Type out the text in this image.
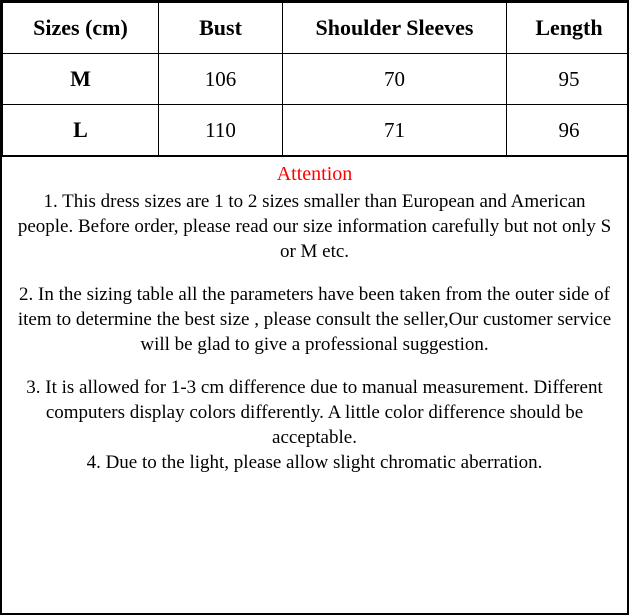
Sizes (cm)	Bust	Shoulder Sleeves	Length
M	106	70	95
L	110	71	96
Attention
1. This dress sizes are 1 to 2 sizes smaller than European and American people. Before order, please read our size information carefully but not only S or M etc.
2. In the sizing table all the parameters have been taken from the outer side of item to determine the best size , please consult the seller,Our customer service will be glad to give a professional suggestion.
3. It is allowed for 1-3 cm difference due to manual measurement. Different computers display colors differently. A little color difference should be acceptable.
4. Due to the light, please allow slight chromatic aberration.
